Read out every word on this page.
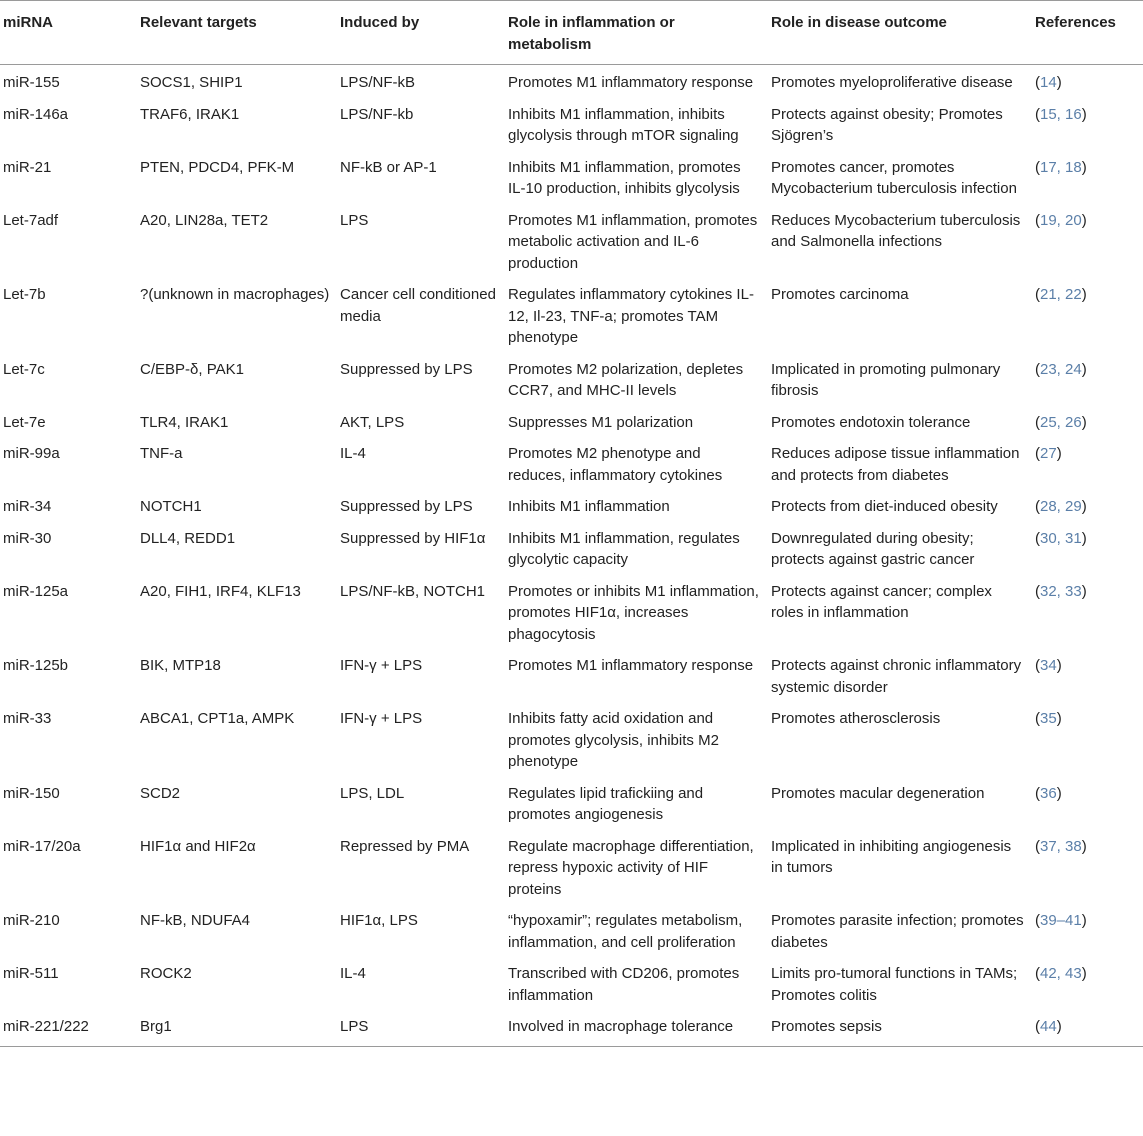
miRNA	Relevant targets	Induced by	Role in inflammation or metabolism	Role in disease outcome	References
miR-155	SOCS1, SHIP1	LPS/NF-kB	Promotes M1 inflammatory response	Promotes myeloproliferative disease	(14)
miR-146a	TRAF6, IRAK1	LPS/NF-kb	Inhibits M1 inflammation, inhibits glycolysis through mTOR signaling	Protects against obesity; Promotes Sjögren’s	(15, 16)
miR-21	PTEN, PDCD4, PFK-M	NF-kB or AP-1	Inhibits M1 inflammation, promotes IL-10 production, inhibits glycolysis	Promotes cancer, promotes Mycobacterium tuberculosis infection	(17, 18)
Let-7adf	A20, LIN28a, TET2	LPS	Promotes M1 inflammation, promotes metabolic activation and IL-6 production	Reduces Mycobacterium tuberculosis and Salmonella infections	(19, 20)
Let-7b	?(unknown in macrophages)	Cancer cell conditioned media	Regulates inflammatory cytokines IL-12, Il-23, TNF-a; promotes TAM phenotype	Promotes carcinoma	(21, 22)
Let-7c	C/EBP-δ, PAK1	Suppressed by LPS	Promotes M2 polarization, depletes CCR7, and MHC-II levels	Implicated in promoting pulmonary fibrosis	(23, 24)
Let-7e	TLR4, IRAK1	AKT, LPS	Suppresses M1 polarization	Promotes endotoxin tolerance	(25, 26)
miR-99a	TNF-a	IL-4	Promotes M2 phenotype and reduces, inflammatory cytokines	Reduces adipose tissue inflammation and protects from diabetes	(27)
miR-34	NOTCH1	Suppressed by LPS	Inhibits M1 inflammation	Protects from diet-induced obesity	(28, 29)
miR-30	DLL4, REDD1	Suppressed by HIF1α	Inhibits M1 inflammation, regulates glycolytic capacity	Downregulated during obesity; protects against gastric cancer	(30, 31)
miR-125a	A20, FIH1, IRF4, KLF13	LPS/NF-kB, NOTCH1	Promotes or inhibits M1 inflammation, promotes HIF1α, increases phagocytosis	Protects against cancer; complex roles in inflammation	(32, 33)
miR-125b	BIK, MTP18	IFN-γ + LPS	Promotes M1 inflammatory response	Protects against chronic inflammatory systemic disorder	(34)
miR-33	ABCA1, CPT1a, AMPK	IFN-γ + LPS	Inhibits fatty acid oxidation and promotes glycolysis, inhibits M2 phenotype	Promotes atherosclerosis	(35)
miR-150	SCD2	LPS, LDL	Regulates lipid trafickiing and promotes angiogenesis	Promotes macular degeneration	(36)
miR-17/20a	HIF1α and HIF2α	Repressed by PMA	Regulate macrophage differentiation, repress hypoxic activity of HIF proteins	Implicated in inhibiting angiogenesis in tumors	(37, 38)
miR-210	NF-kB, NDUFA4	HIF1α, LPS	“hypoxamir”; regulates metabolism, inflammation, and cell proliferation	Promotes parasite infection; promotes diabetes	(39–41)
miR-511	ROCK2	IL-4	Transcribed with CD206, promotes inflammation	Limits pro-tumoral functions in TAMs; Promotes colitis	(42, 43)
miR-221/222	Brg1	LPS	Involved in macrophage tolerance	Promotes sepsis	(44)
